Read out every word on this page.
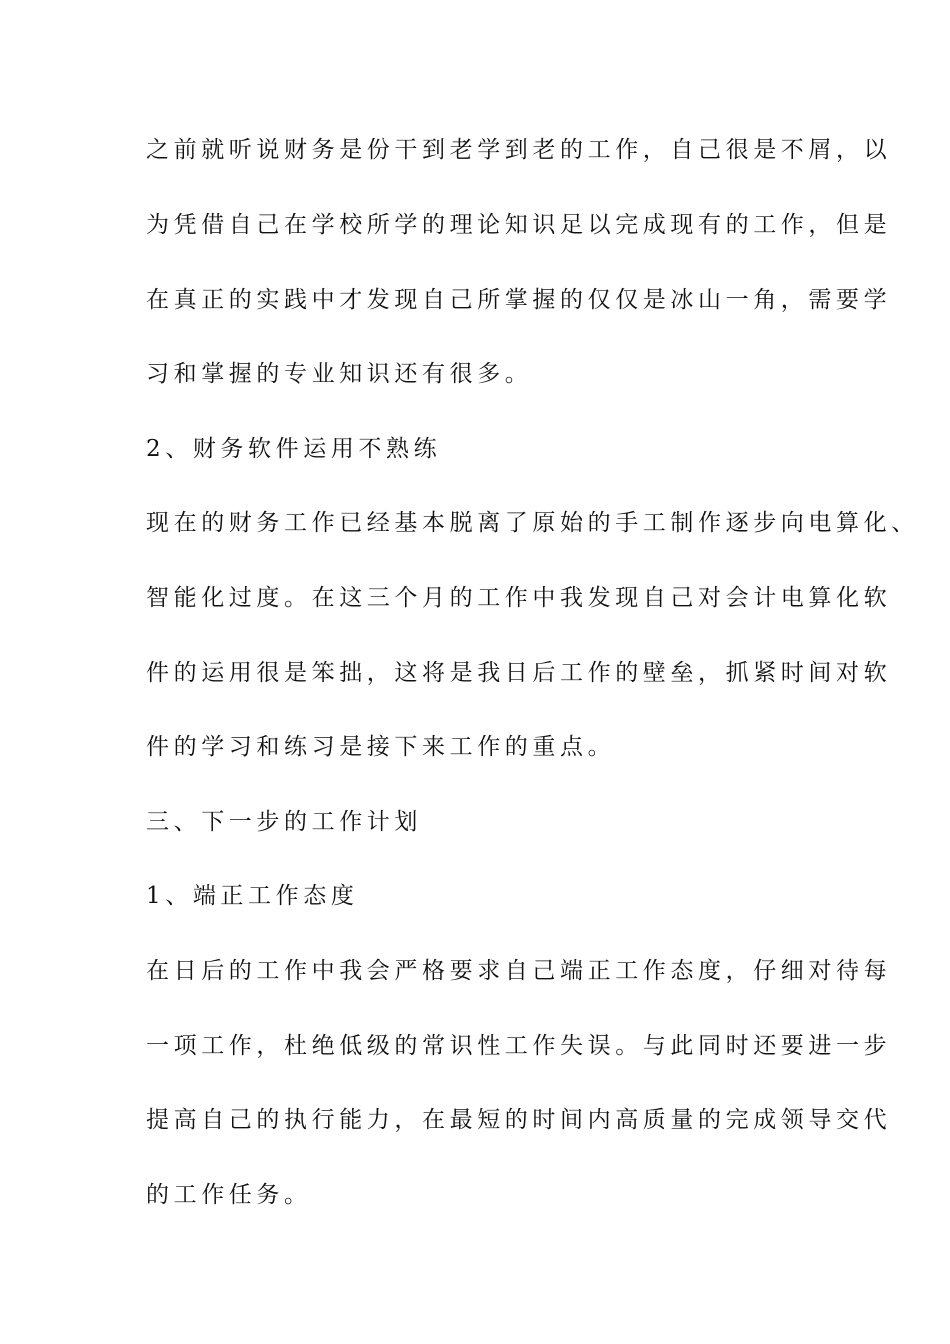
之前就听说财务是份干到老学到老的工作，自己很是不屑，以
为凭借自己在学校所学的理论知识足以完成现有的工作，但是
在真正的实践中才发现自己所掌握的仅仅是冰山一角，需要学
习和掌握的专业知识还有很多。
2、财务软件运用不熟练
现在的财务工作已经基本脱离了原始的手工制作逐步向电算化、
智能化过度。在这三个月的工作中我发现自己对会计电算化软
件的运用很是笨拙，这将是我日后工作的壁垒，抓紧时间对软
件的学习和练习是接下来工作的重点。
三、下一步的工作计划
1、端正工作态度
在日后的工作中我会严格要求自己端正工作态度，仔细对待每
一项工作，杜绝低级的常识性工作失误。与此同时还要进一步
提高自己的执行能力，在最短的时间内高质量的完成领导交代
的工作任务。
